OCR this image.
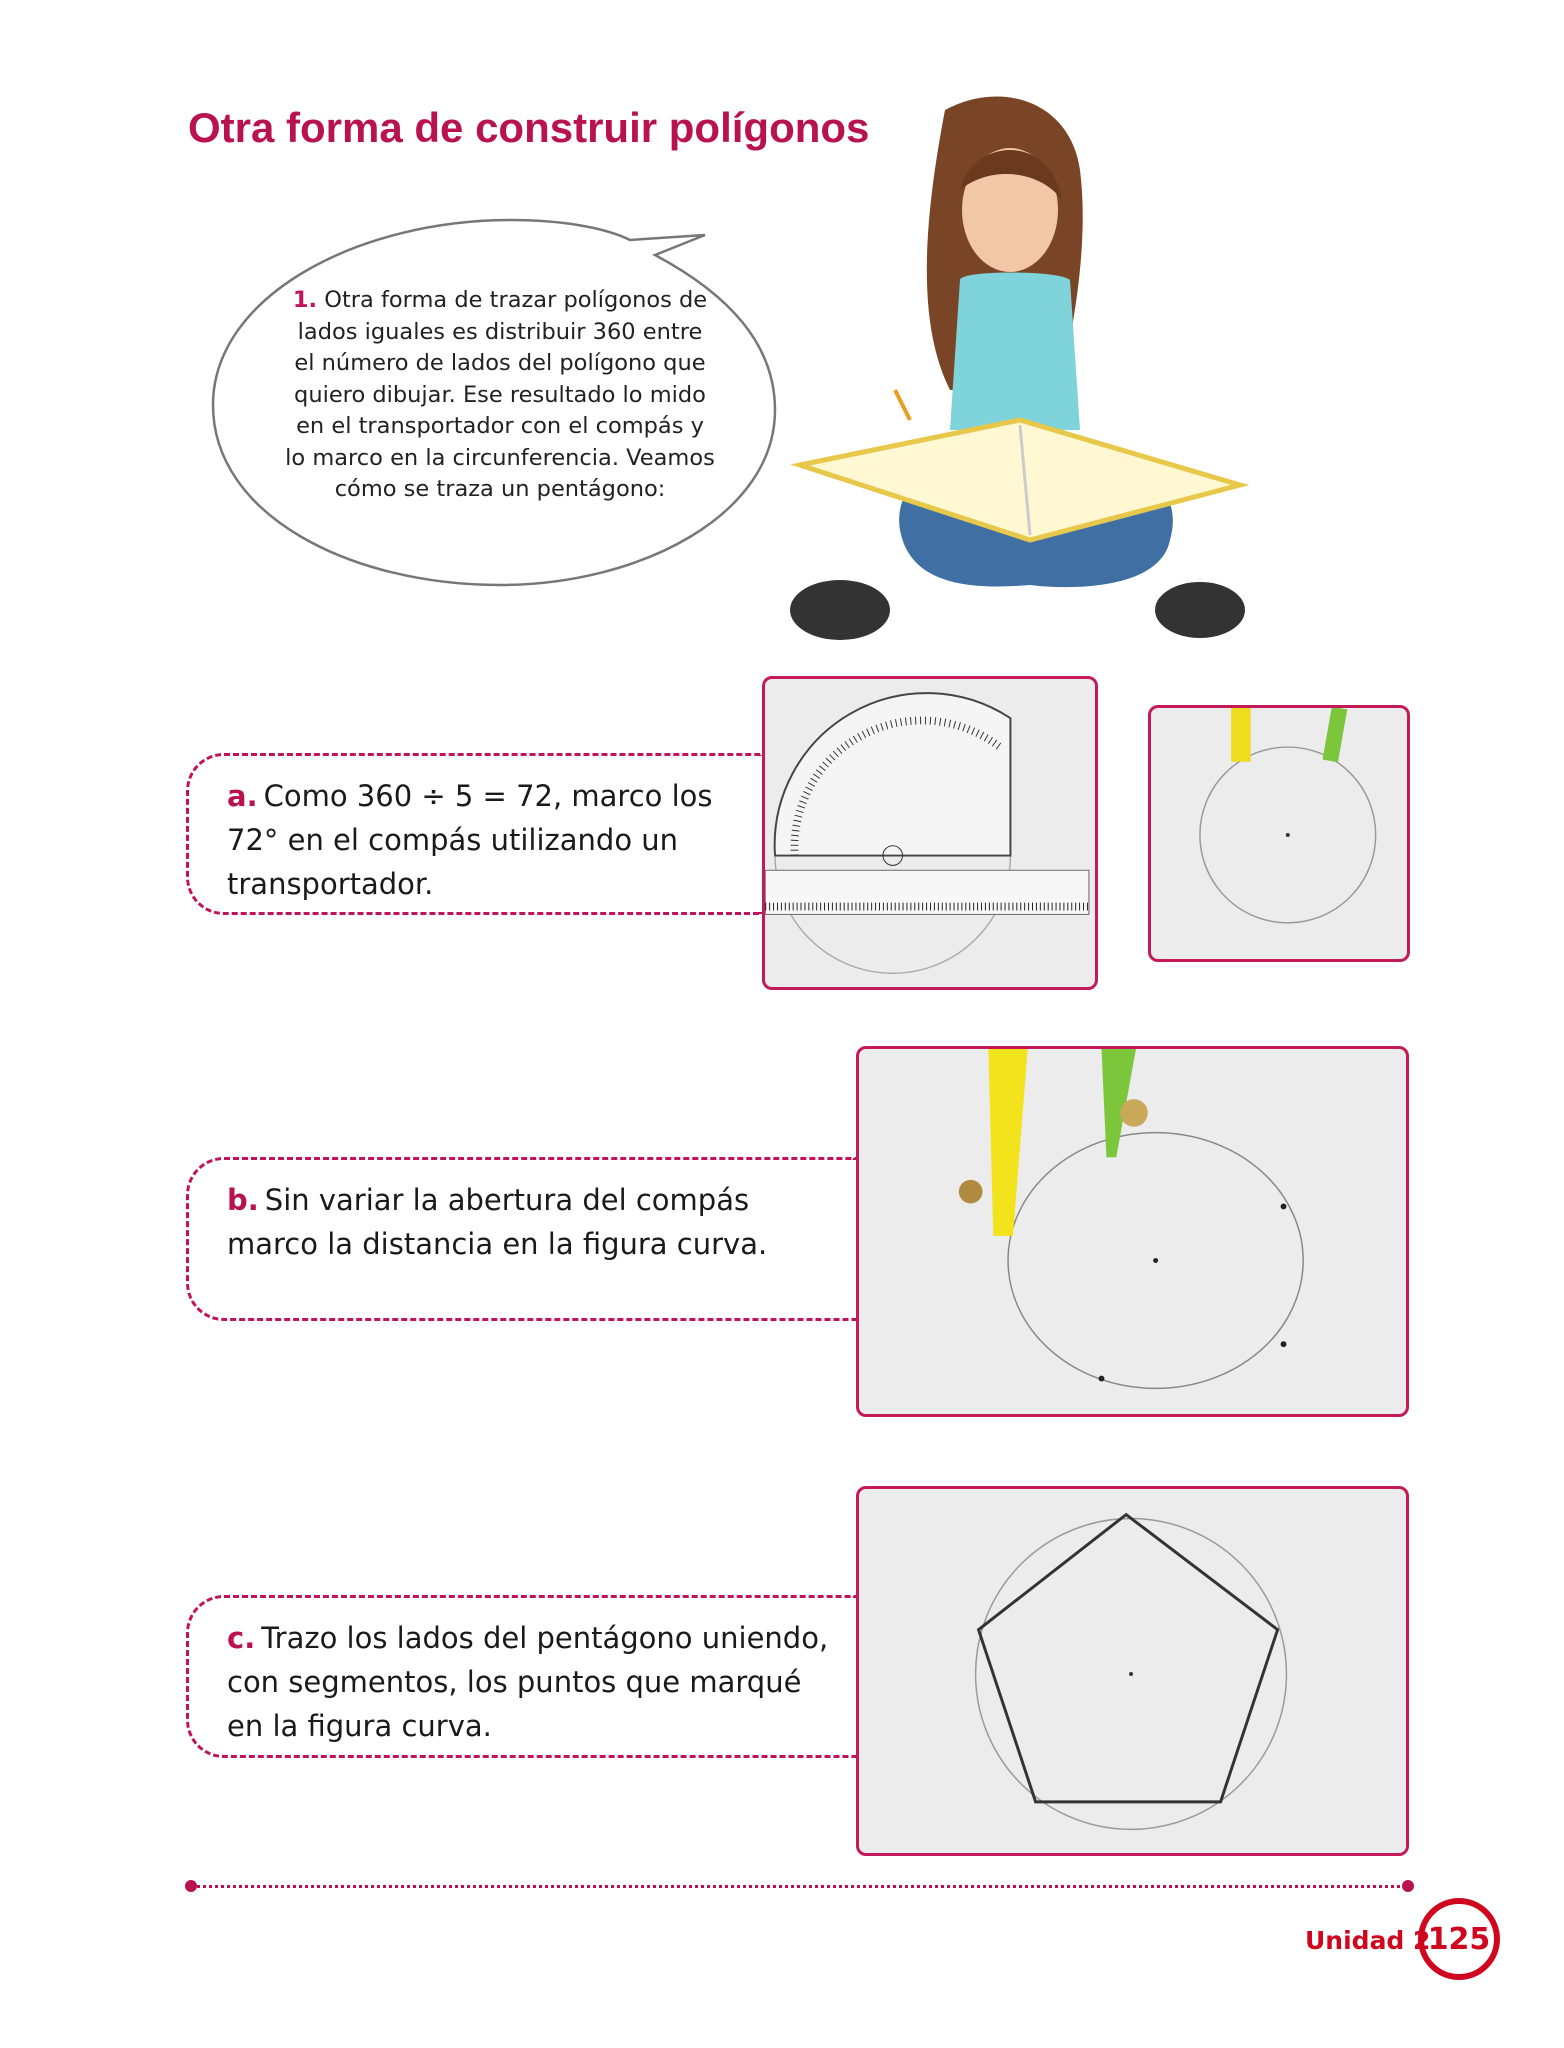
Otra forma de construir polígonos
1. Otra forma de trazar polígonos de lados iguales es distribuir 360 entre el número de lados del polígono que quiero dibujar. Ese resultado lo mido en el transportador con el compás y lo marco en la circunferencia. Veamos cómo se traza un pentágono:
a. Como 360 ÷ 5 = 72, marco los 72° en el compás utilizando un transportador.
b. Sin variar la abertura del compás marco la distancia en la figura curva.
c. Trazo los lados del pentágono uniendo, con segmentos, los puntos que marqué en la figura curva.
Unidad 2
125
